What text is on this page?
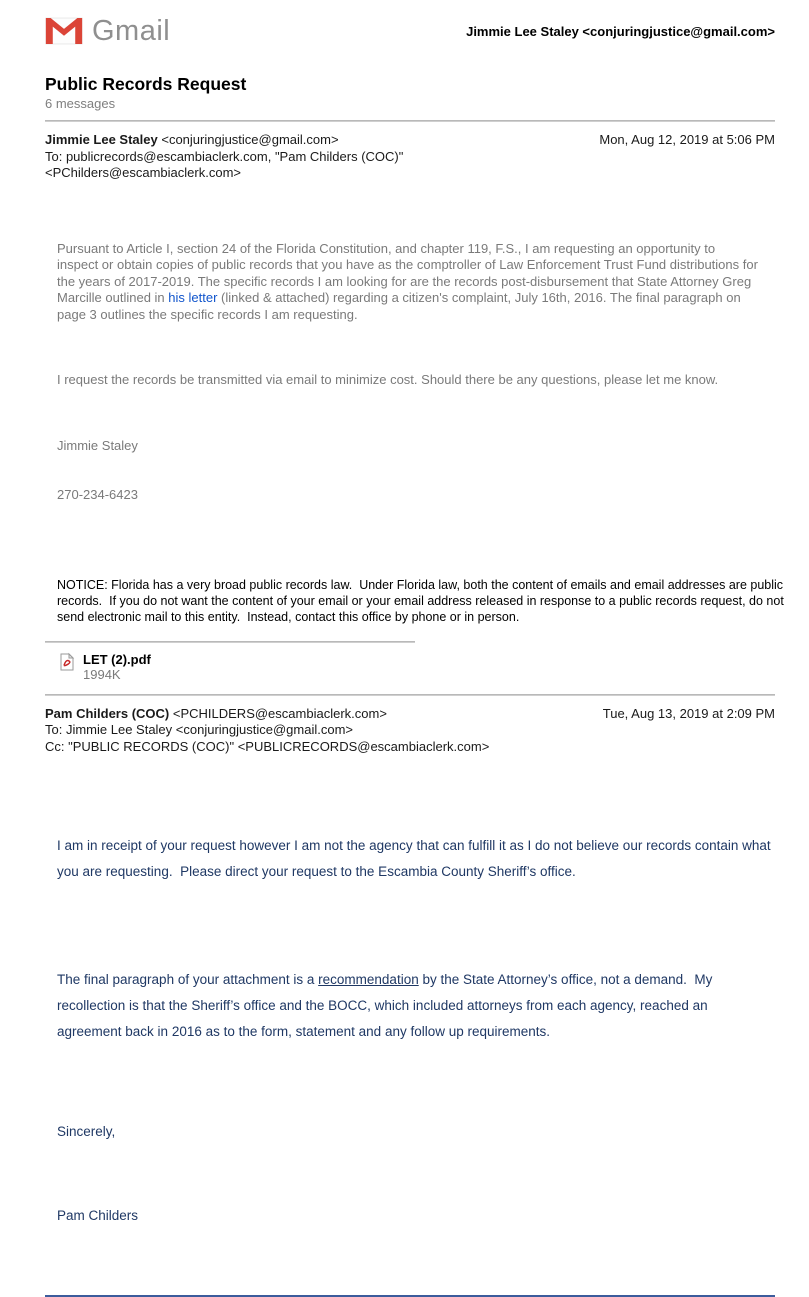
Gmail	Jimmie Lee Staley <conjuringjustice@gmail.com>
Public Records Request
6 messages
Jimmie Lee Staley <conjuringjustice@gmail.com>
To: publicrecords@escambiaclerk.com, "Pam Childers (COC)" <PChilders@escambiaclerk.com>
Mon, Aug 12, 2019 at 5:06 PM

Pursuant to Article I, section 24 of the Florida Constitution, and chapter 119, F.S., I am requesting an opportunity to inspect or obtain copies of public records that you have as the comptroller of Law Enforcement Trust Fund distributions for the years of 2017-2019. The specific records I am looking for are the records post-disbursement that State Attorney Greg Marcille outlined in his letter (linked & attached) regarding a citizen's complaint, July 16th, 2016. The final paragraph on page 3 outlines the specific records I am requesting.

I request the records be transmitted via email to minimize cost. Should there be any questions, please let me know.

Jimmie Staley

270-234-6423

NOTICE: Florida has a very broad public records law.  Under Florida law, both the content of emails and email addresses are public records.  If you do not want the content of your email or your email address released in response to a public records request, do not send electronic mail to this entity.  Instead, contact this office by phone or in person.
LET (2).pdf
1994K
Pam Childers (COC) <PCHILDERS@escambiaclerk.com>
To: Jimmie Lee Staley <conjuringjustice@gmail.com>
Cc: "PUBLIC RECORDS (COC)" <PUBLICRECORDS@escambiaclerk.com>
Tue, Aug 13, 2019 at 2:09 PM

I am in receipt of your request however I am not the agency that can fulfill it as I do not believe our records contain what you are requesting.  Please direct your request to the Escambia County Sheriff’s office.

The final paragraph of your attachment is a recommendation by the State Attorney’s office, not a demand.  My recollection is that the Sheriff’s office and the BOCC, which included attorneys from each agency, reached an agreement back in 2016 as to the form, statement and any follow up requirements.

Sincerely,

Pam Childers
